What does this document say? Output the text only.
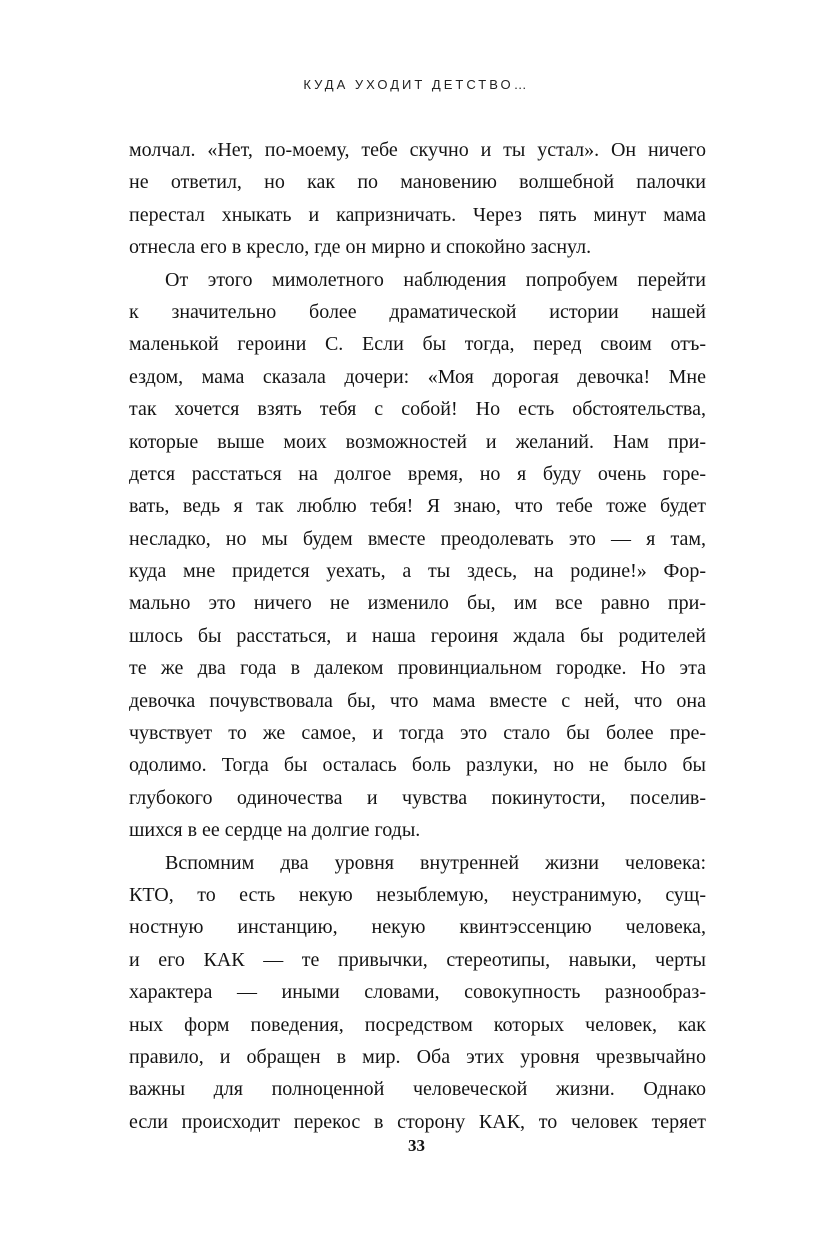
КУДА УХОДИТ ДЕТСТВО…
молчал. «Нет, по-моему, тебе скучно и ты устал». Он ничего
не ответил, но как по мановению волшебной палочки
перестал хныкать и капризничать. Через пять минут мама
отнесла его в кресло, где он мирно и спокойно заснул.
От этого мимолетного наблюдения попробуем перейти
к значительно более драматической истории нашей
маленькой героини С. Если бы тогда, перед своим отъ-
ездом, мама сказала дочери: «Моя дорогая девочка! Мне
так хочется взять тебя с собой! Но есть обстоятельства,
которые выше моих возможностей и желаний. Нам при-
дется расстаться на долгое время, но я буду очень горе-
вать, ведь я так люблю тебя! Я знаю, что тебе тоже будет
несладко, но мы будем вместе преодолевать это — я там,
куда мне придется уехать, а ты здесь, на родине!» Фор-
мально это ничего не изменило бы, им все равно при-
шлось бы расстаться, и наша героиня ждала бы родителей
те же два года в далеком провинциальном городке. Но эта
девочка почувствовала бы, что мама вместе с ней, что она
чувствует то же самое, и тогда это стало бы более пре-
одолимо. Тогда бы осталась боль разлуки, но не было бы
глубокого одиночества и чувства покинутости, поселив-
шихся в ее сердце на долгие годы.
Вспомним два уровня внутренней жизни человека:
КТО, то есть некую незыблемую, неустранимую, сущ-
ностную инстанцию, некую квинтэссенцию человека,
и его КАК — те привычки, стереотипы, навыки, черты
характера — иными словами, совокупность разнообраз-
ных форм поведения, посредством которых человек, как
правило, и обращен в мир. Оба этих уровня чрезвычайно
важны для полноценной человеческой жизни. Однако
если происходит перекос в сторону КАК, то человек теряет
33
